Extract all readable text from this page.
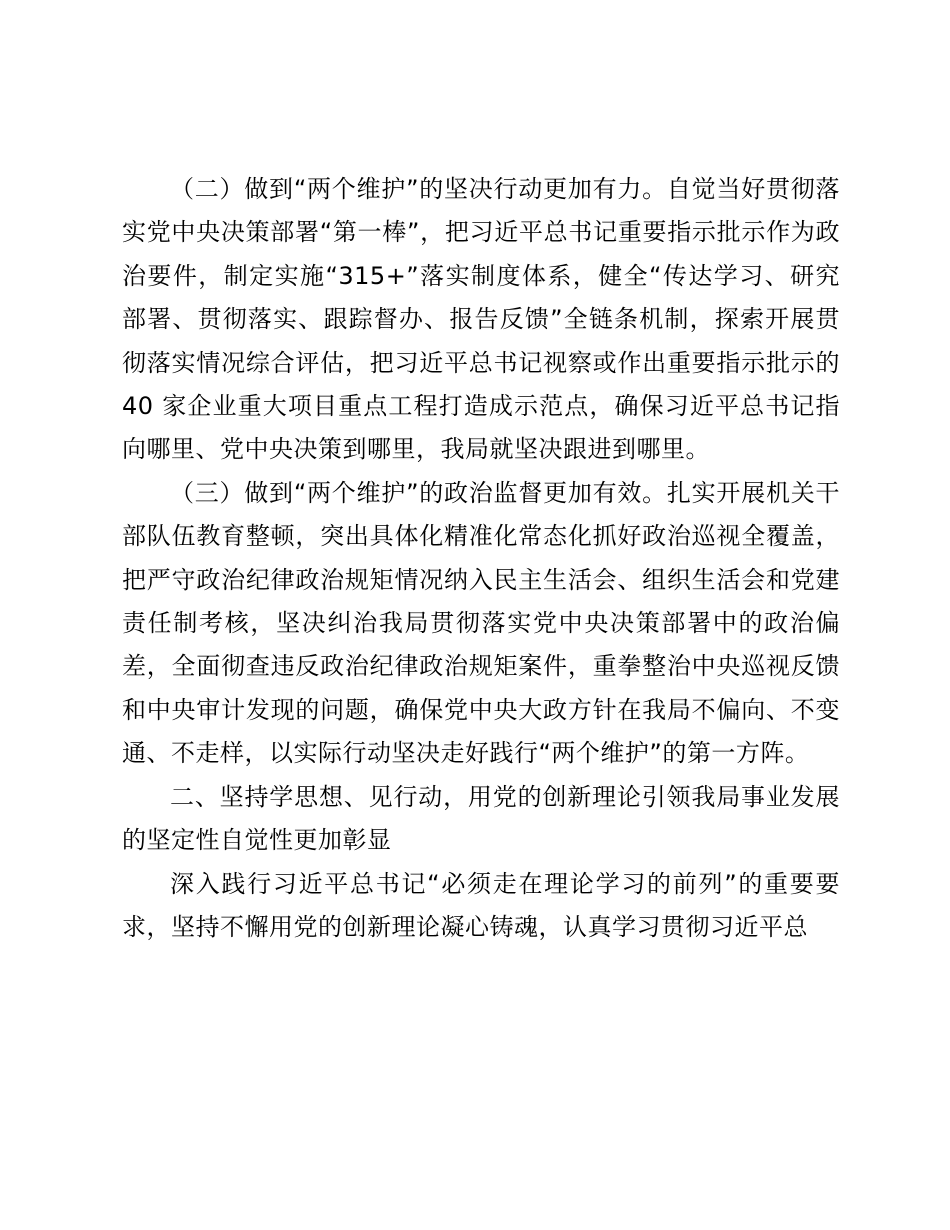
（二）做到“两个维护”的坚决行动更加有力。自觉当好贯彻落实党中央决策部署“第一棒”，把习近平总书记重要指示批示作为政治要件，制定实施“315+”落实制度体系，健全“传达学习、研究部署、贯彻落实、跟踪督办、报告反馈”全链条机制，探索开展贯彻落实情况综合评估，把习近平总书记视察或作出重要指示批示的 40 家企业重大项目重点工程打造成示范点，确保习近平总书记指向哪里、党中央决策到哪里，我局就坚决跟进到哪里。

（三）做到“两个维护”的政治监督更加有效。扎实开展机关干部队伍教育整顿，突出具体化精准化常态化抓好政治巡视全覆盖，把严守政治纪律政治规矩情况纳入民主生活会、组织生活会和党建责任制考核，坚决纠治我局贯彻落实党中央决策部署中的政治偏差，全面彻查违反政治纪律政治规矩案件，重拳整治中央巡视反馈和中央审计发现的问题，确保党中央大政方针在我局不偏向、不变通、不走样，以实际行动坚决走好践行“两个维护”的第一方阵。

二、坚持学思想、见行动，用党的创新理论引领我局事业发展的坚定性自觉性更加彰显

深入践行习近平总书记“必须走在理论学习的前列”的重要要求，坚持不懈用党的创新理论凝心铸魂，认真学习贯彻习近平总
